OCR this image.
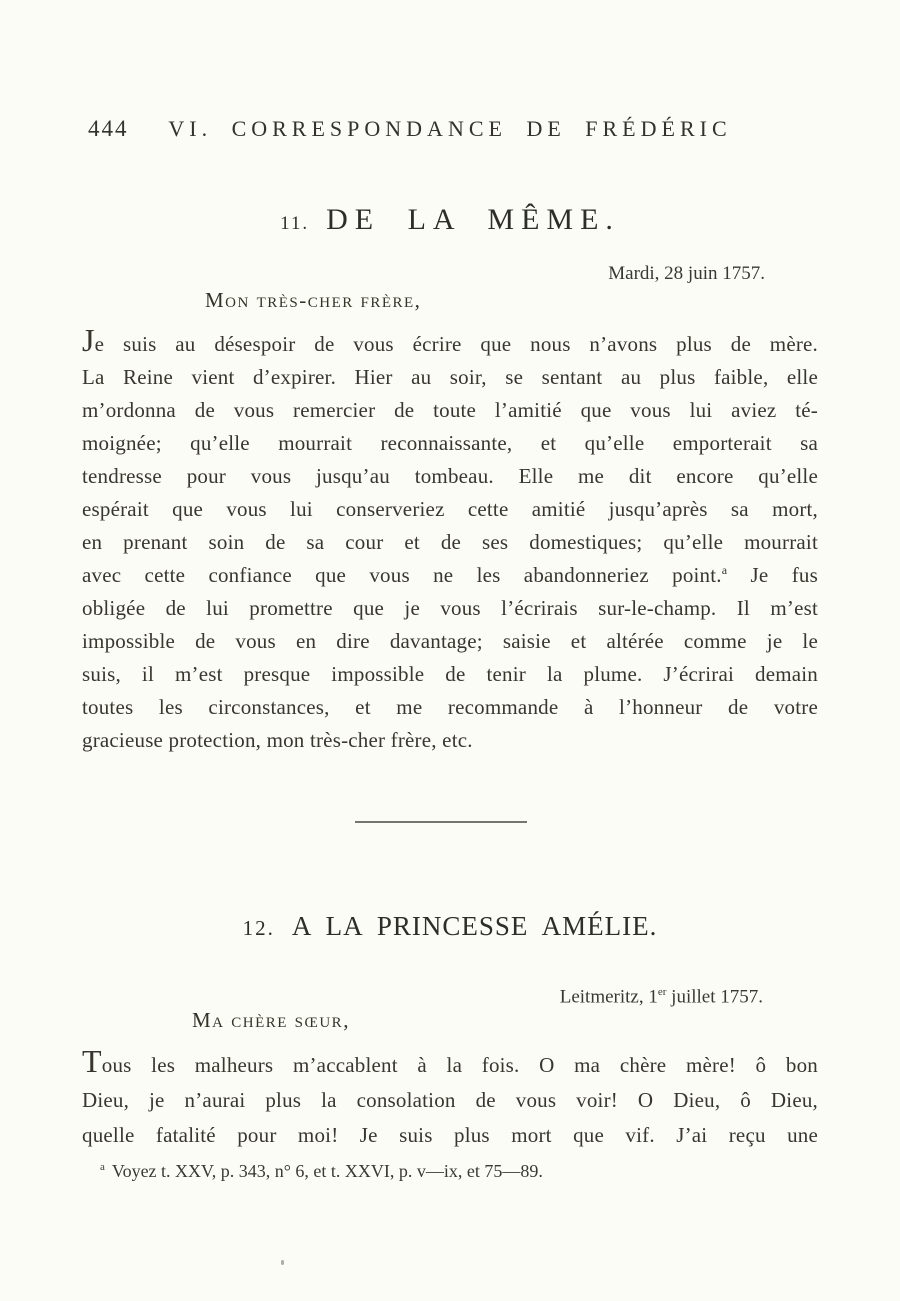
444	VI. CORRESPONDANCE DE FRÉDÉRIC
11. DE LA MÊME.
Mardi, 28 juin 1757.
Mon très-cher frère,
Je suis au désespoir de vous écrire que nous n’avons plus de mère.
La Reine vient d’expirer. Hier au soir, se sentant au plus faible, elle
m’ordonna de vous remercier de toute l’amitié que vous lui aviez té-
moignée; qu’elle mourrait reconnaissante, et qu’elle emporterait sa
tendresse pour vous jusqu’au tombeau. Elle me dit encore qu’elle
espérait que vous lui conserveriez cette amitié jusqu’après sa mort,
en prenant soin de sa cour et de ses domestiques; qu’elle mourrait
avec cette confiance que vous ne les abandonneriez point.$^a$ Je fus
obligée de lui promettre que je vous l’écrirais sur-le-champ. Il m’est
impossible de vous en dire davantage; saisie et altérée comme je le
suis, il m’est presque impossible de tenir la plume. J’écrirai demain
toutes les circonstances, et me recommande à l’honneur de votre
gracieuse protection, mon très-cher frère, etc.
12. A LA PRINCESSE AMÉLIE.
Leitmeritz, 1er juillet 1757.
Ma chère sœur,
Tous les malheurs m’accablent à la fois. O ma chère mère! ô bon
Dieu, je n’aurai plus la consolation de vous voir! O Dieu, ô Dieu,
quelle fatalité pour moi! Je suis plus mort que vif. J’ai reçu une
$^a$ Voyez t. XXV, p. 343, n° 6, et t. XXVI, p. v—ix, et 75—89.
